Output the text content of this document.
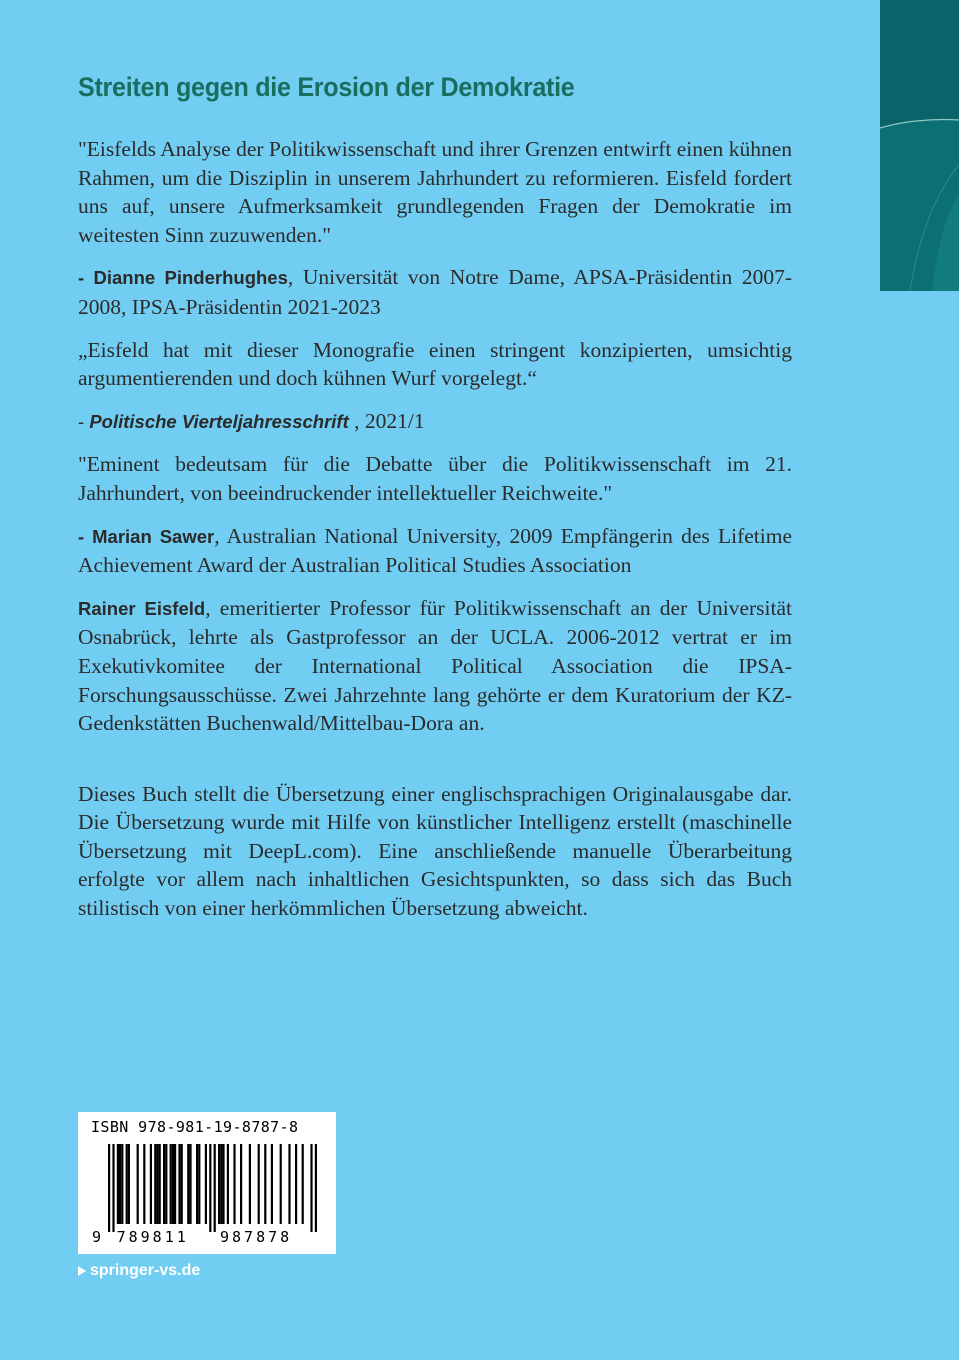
Streiten gegen die Erosion der Demokratie

"Eisfelds Analyse der Politikwissenschaft und ihrer Grenzen entwirft einen kühnen Rahmen, um die Disziplin in unserem Jahrhundert zu reformieren. Eisfeld fordert uns auf, unsere Aufmerksamkeit grundlegenden Fragen der Demokratie im weitesten Sinn zuzuwenden."

- Dianne Pinderhughes, Universität von Notre Dame, APSA-Präsidentin 2007-2008, IPSA-Präsidentin 2021-2023

„Eisfeld hat mit dieser Monografie einen stringent konzipierten, umsichtig argumentierenden und doch kühnen Wurf vorgelegt.“

- Politische Vierteljahresschrift , 2021/1

"Eminent bedeutsam für die Debatte über die Politikwissenschaft im 21. Jahrhundert, von beeindruckender intellektueller Reichweite."

- Marian Sawer, Australian National University, 2009 Empfängerin des Lifetime Achievement Award der Australian Political Studies Association

Rainer Eisfeld, emeritierter Professor für Politikwissenschaft an der Universität Osnabrück, lehrte als Gastprofessor an der UCLA. 2006-2012 vertrat er im Exekutivkomitee der International Political Association die IPSA-Forschungsausschüsse. Zwei Jahrzehnte lang gehörte er dem Kuratorium der KZ-Gedenkstätten Buchenwald/Mittelbau-Dora an.

Dieses Buch stellt die Übersetzung einer englischsprachigen Originalausgabe dar. Die Übersetzung wurde mit Hilfe von künstlicher Intelligenz erstellt (maschinelle Übersetzung mit DeepL.com). Eine anschließende manuelle Überarbeitung erfolgte vor allem nach inhaltlichen Gesichtspunkten, so dass sich das Buch stilistisch von einer herkömmlichen Übersetzung abweicht.

ISBN 978-981-19-8787-8
9 789811 987878
springer-vs.de
